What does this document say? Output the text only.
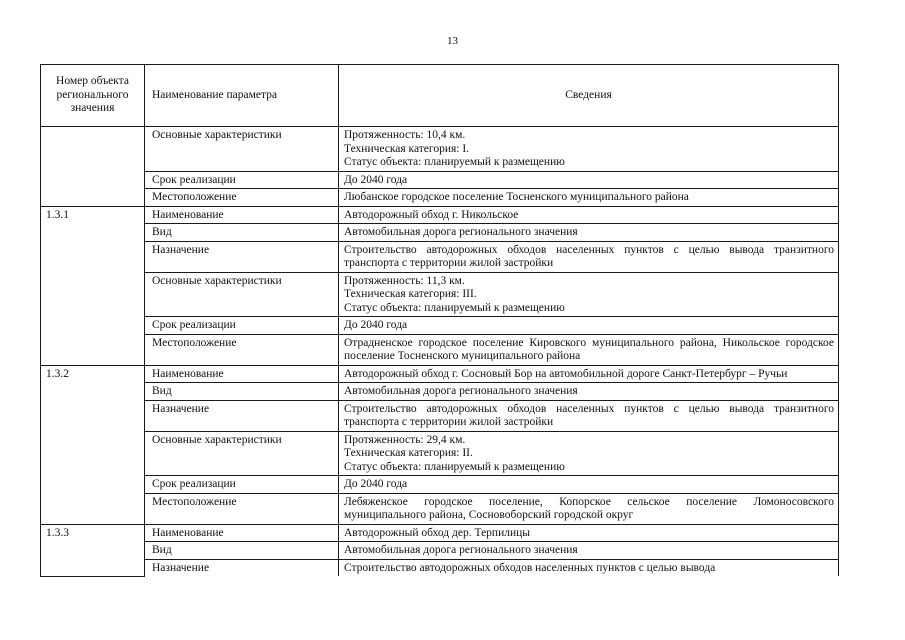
13
Номер объекта регионального значения	Наименование параметра	Сведения
	Основные характеристики	Протяженность: 10,4 км.
Техническая категория: I.
Статус объекта: планируемый к размещению

	Срок реализации	До 2040 года

	Местоположение	Любанское городское поселение Тосненского муниципального района

1.3.1	Наименование	Автодорожный обход г. Никольское

	Вид	Автомобильная дорога регионального значения

	Назначение	Строительство автодорожных обходов населенных пунктов с целью вывода транзитного транспорта с территории жилой застройки

	Основные характеристики	Протяженность: 11,3 км.
Техническая категория: III.
Статус объекта: планируемый к размещению

	Срок реализации	До 2040 года

	Местоположение	Отрадненское городское поселение Кировского муниципального района, Никольское городское поселение Тосненского муниципального района

1.3.2	Наименование	Автодорожный обход г. Сосновый Бор на автомобильной дороге Санкт-Петербург – Ручьи

	Вид	Автомобильная дорога регионального значения

	Назначение	Строительство автодорожных обходов населенных пунктов с целью вывода транзитного транспорта с территории жилой застройки

	Основные характеристики	Протяженность: 29,4 км.
Техническая категория: II.
Статус объекта: планируемый к размещению

	Срок реализации	До 2040 года

	Местоположение	Лебяженское городское поселение, Копорское сельское поселение Ломоносовского муниципального района, Сосновоборский городской округ

1.3.3	Наименование	Автодорожный обход дер. Терпилицы

	Вид	Автомобильная дорога регионального значения

	Назначение	Строительство автодорожных обходов населенных пунктов с целью вывода
